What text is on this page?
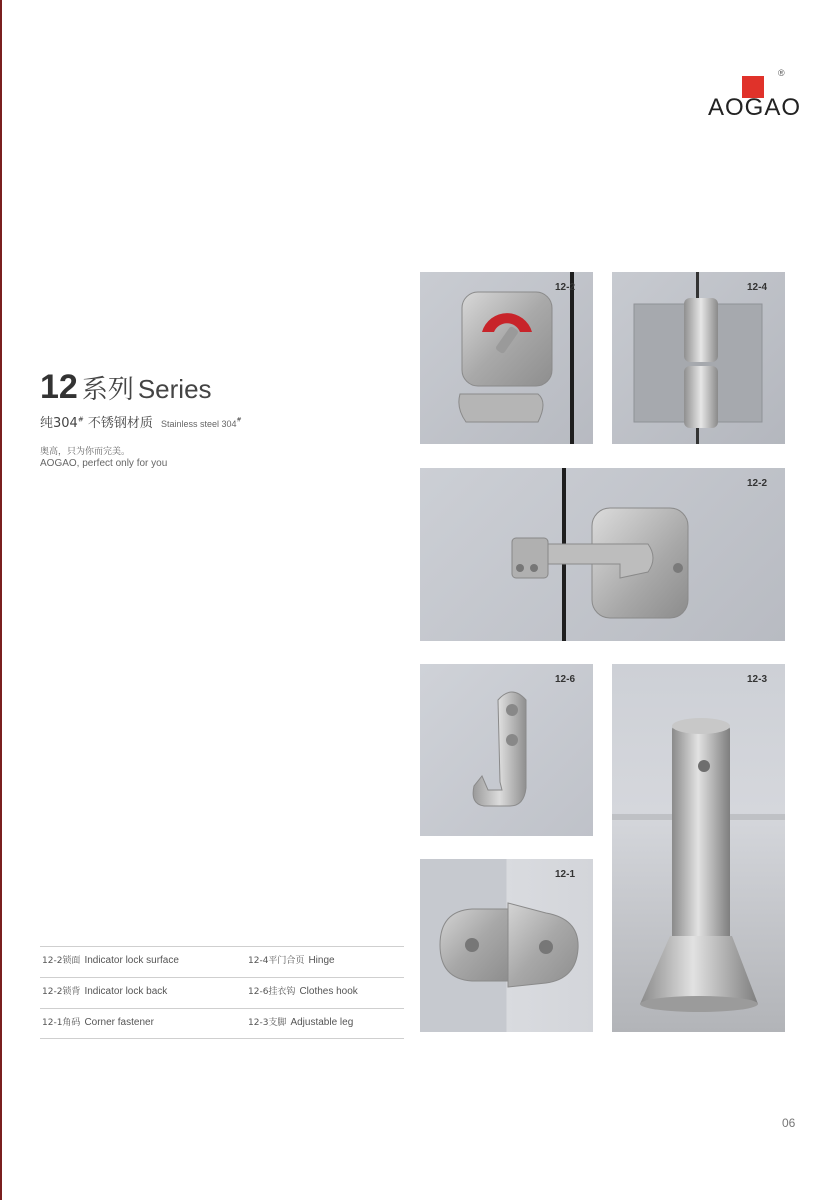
®
AOGAO
12 系列 Series
纯304# 不锈钢材质 Stainless steel 304#
奥高，只为你而完美。
AOGAO, perfect only for you
12-2	12-4
12-2
12-6	12-3
12-1
12-2锁面 Indicator lock surface	12-4平门合页 Hinge
12-2锁背 Indicator lock back	12-6挂衣钩 Clothes hook
12-1角码 Corner fastener	12-3支脚 Adjustable leg
06
